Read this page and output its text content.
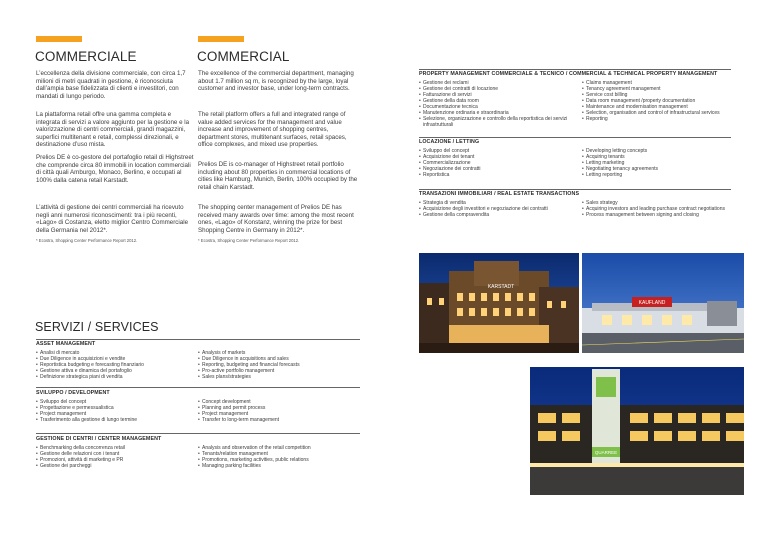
COMMERCIALE
L’eccellenza della divisione commerciale, con circa 1,7 milioni di metri quadrati in gestione, è riconosciuta dall’ampia base fidelizzata di clienti e investitori, con mandati di lungo periodo.
La piattaforma retail offre una gamma completa e integrata di servizi a valore aggiunto per la gestione e la valorizzazione di centri commerciali, grandi magazzini, superfici multitenant e retail, complessi direzionali, e destinazione d’uso mista.
Prelios DE è co-gestore del portafoglio retail di Highstreet che comprende circa 80 immobili in location commerciali di città quali Amburgo, Monaco, Berlino, e occupati al 100% dalla catena retail Karstadt.
L’attività di gestione dei centri commerciali ha ricevuto negli anni numerosi riconoscimenti: tra i più recenti, «Lago» di Costanza, eletto miglior Centro Commerciale della Germania nel 2012*.
* Ecostra, Shopping Center Performance Report 2012.
COMMERCIAL
The excellence of the commercial department, managing about 1.7 million sq m, is recognized by the large, loyal customer and investor base, under long-term contracts.
The retail platform offers a full and integrated range of value added services for the management and value increase and improvement of shopping centres, department stores, multitenant surfaces, retail spaces, office complexes, and mixed use properties.
Prelios DE is co-manager of Highstreet retail portfolio including about 80 properties in commercial locations of cities like Hamburg, Munich, Berlin, 100% occupied by the retail chain Karstadt.
The shopping center management of Prelios DE has received many awards over time: among the most recent ones, «Lago» of Konstanz, winning the prize for best Shopping Centre in Germany in 2012*.
* Ecostra, Shopping Center Performance Report 2012.
SERVIZI / SERVICES
ASSET MANAGEMENT
• Analisi di mercato
• Due Diligence in acquisizioni e vendite
• Reportistica budgeting e forecasting finanziario
• Gestione attiva e dinamica del portafoglio
• Definizione strategica piani di vendita
• Analysis of markets
• Due Diligence in acquisitions and sales
• Reporting, budgeting and financial forecasts
• Pro-active portfolio management
• Sales plans/strategies
SVILUPPO / DEVELOPMENT
• Sviluppo del concept
• Progettazione e permessualistica
• Project management
• Trasferimento alla gestione di lungo termine
• Concept development
• Planning and permit process
• Project management
• Transfer to long-term management
GESTIONE DI CENTRI / CENTER MANAGEMENT
• Benchmarking della concorrenza retail
• Gestione delle relazioni con i tenant
• Promozioni, attività di marketing e PR
• Gestione dei parcheggi
• Analysis and observation of the retail competition
• Tenants/relation management
• Promotions, marketing activities, public relations
• Managing parking facilities
PROPERTY MANAGEMENT COMMERCIALE & TECNICO / COMMERCIAL & TECHNICAL PROPERTY MANAGEMENT
• Gestione dei reclami
• Gestione dei contratti di locazione
• Fatturazione di servizi
• Gestione della data room
• Documentazione tecnica
• Manutenzione ordinaria e straordinaria
• Selezione, organizzazione e controllo della reportistica dei servizi infrastrutturali
• Claims management
• Tenancy agreement management
• Service cost billing
• Data room management /property documentation
• Maintenance and modernisation management
• Selection, organisation and control of infrastructural services
• Reporting
LOCAZIONE / LETTING
• Sviluppo del concept
• Acquisizione dei tenant
• Commercializzazione
• Negoziazione dei contratti
• Reportistica
• Developing letting concepts
• Acquiring tenants
• Letting marketing
• Negotiating tenancy agreements
• Letting reporting
TRANSAZIONI IMMOBILIARI / REAL ESTATE TRANSACTIONS
• Strategia di vendita
• Acquisizione degli investitori e negoziazione dei contratti
• Gestione della compravendita
• Sales strategy
• Acquiring investors and leading purchase contract negotiations
• Process management between signing and closing
KARSTADT
KAUFLAND
QUARREE
